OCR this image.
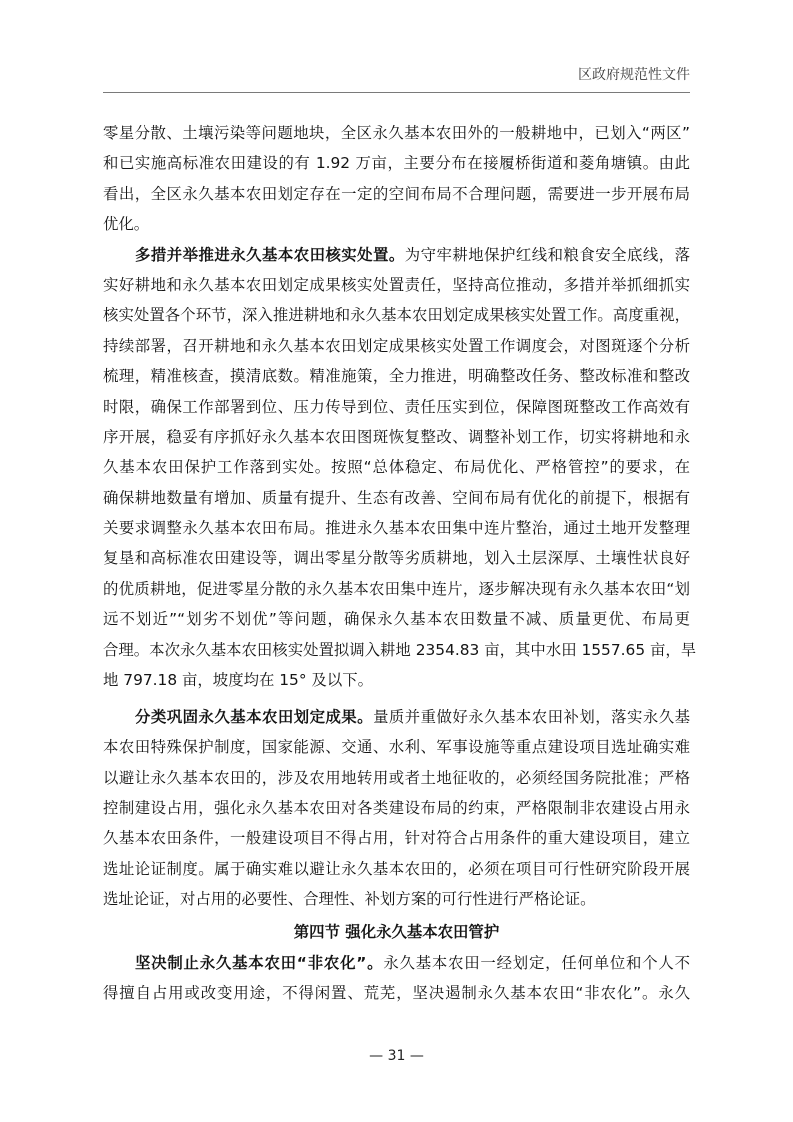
区政府规范性文件
零星分散、土壤污染等问题地块，全区永久基本农田外的一般耕地中，已划入“两区”
和已实施高标准农田建设的有 1.92 万亩，主要分布在接履桥街道和菱角塘镇。由此
看出，全区永久基本农田划定存在一定的空间布局不合理问题，需要进一步开展布局
优化。
多措并举推进永久基本农田核实处置。为守牢耕地保护红线和粮食安全底线，落
实好耕地和永久基本农田划定成果核实处置责任，坚持高位推动，多措并举抓细抓实
核实处置各个环节，深入推进耕地和永久基本农田划定成果核实处置工作。高度重视，
持续部署，召开耕地和永久基本农田划定成果核实处置工作调度会，对图斑逐个分析
梳理，精准核查，摸清底数。精准施策，全力推进，明确整改任务、整改标准和整改
时限，确保工作部署到位、压力传导到位、责任压实到位，保障图斑整改工作高效有
序开展，稳妥有序抓好永久基本农田图斑恢复整改、调整补划工作，切实将耕地和永
久基本农田保护工作落到实处。按照“总体稳定、布局优化、严格管控”的要求，在
确保耕地数量有增加、质量有提升、生态有改善、空间布局有优化的前提下，根据有
关要求调整永久基本农田布局。推进永久基本农田集中连片整治，通过土地开发整理
复垦和高标准农田建设等，调出零星分散等劣质耕地，划入土层深厚、土壤性状良好
的优质耕地，促进零星分散的永久基本农田集中连片，逐步解决现有永久基本农田“划
远不划近”“划劣不划优”等问题，确保永久基本农田数量不减、质量更优、布局更
合理。本次永久基本农田核实处置拟调入耕地 2354.83 亩，其中水田 1557.65 亩，旱
地 797.18 亩，坡度均在 15° 及以下。
分类巩固永久基本农田划定成果。量质并重做好永久基本农田补划，落实永久基
本农田特殊保护制度，国家能源、交通、水利、军事设施等重点建设项目选址确实难
以避让永久基本农田的，涉及农用地转用或者土地征收的，必须经国务院批准；严格
控制建设占用，强化永久基本农田对各类建设布局的约束，严格限制非农建设占用永
久基本农田条件，一般建设项目不得占用，针对符合占用条件的重大建设项目，建立
选址论证制度。属于确实难以避让永久基本农田的，必须在项目可行性研究阶段开展
选址论证，对占用的必要性、合理性、补划方案的可行性进行严格论证。
第四节 强化永久基本农田管护
坚决制止永久基本农田“非农化”。永久基本农田一经划定，任何单位和个人不
得擅自占用或改变用途，不得闲置、荒芜，坚决遏制永久基本农田“非农化”。永久
— 31 —
